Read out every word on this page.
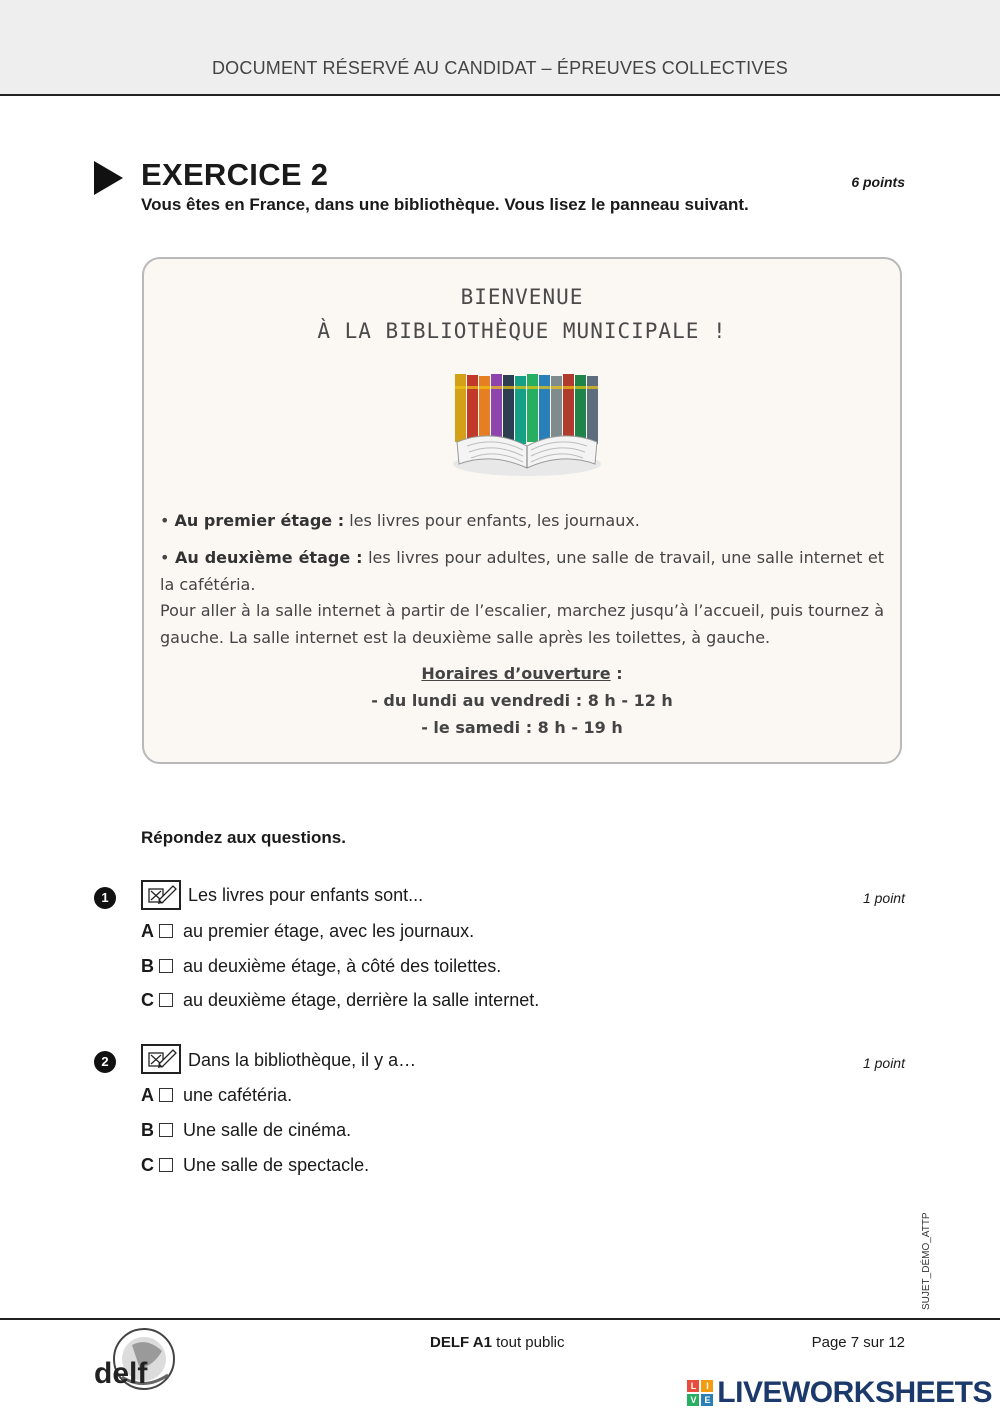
DOCUMENT RÉSERVÉ AU CANDIDAT – ÉPREUVES COLLECTIVES
EXERCICE 2	6 points
Vous êtes en France, dans une bibliothèque. Vous lisez le panneau suivant.
BIENVENUE
À LA BIBLIOTHÈQUE MUNICIPALE !
• Au premier étage : les livres pour enfants, les journaux.
• Au deuxième étage : les livres pour adultes, une salle de travail, une salle internet et la cafétéria.
Pour aller à la salle internet à partir de l’escalier, marchez jusqu’à l’accueil, puis tournez à gauche. La salle internet est la deuxième salle après les toilettes, à gauche.
Horaires d’ouverture :
- du lundi au vendredi : 8 h - 12 h
- le samedi : 8 h - 19 h
Répondez aux questions.
1	Les livres pour enfants sont...	1 point
A au premier étage, avec les journaux.
B au deuxième étage, à côté des toilettes.
C au deuxième étage, derrière la salle internet.
2	Dans la bibliothèque, il y a…	1 point
A une cafétéria.
B Une salle de cinéma.
C Une salle de spectacle.
SUJET_DÉMO_ATTP
delf
DELF A1 tout public	Page 7 sur 12
L	I
V E LIVEWORKSHEETS
